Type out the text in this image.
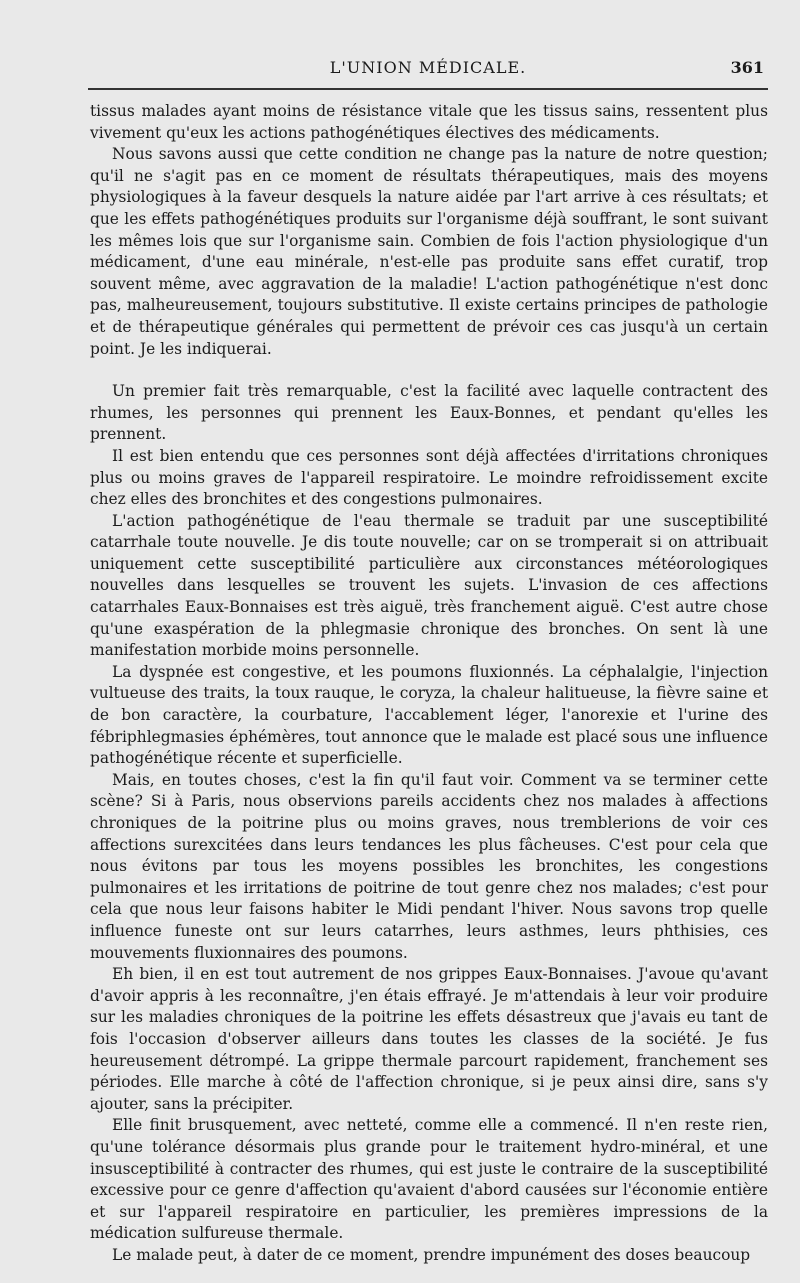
L'UNION MÉDICALE.	361

tissus malades ayant moins de résistance vitale que les tissus sains, ressentent plus vivement qu'eux les actions pathogénétiques électives des médicaments.

Nous savons aussi que cette condition ne change pas la nature de notre question; qu'il ne s'agit pas en ce moment de résultats thérapeutiques, mais des moyens physiologiques à la faveur desquels la nature aidée par l'art arrive à ces résultats; et que les effets pathogénétiques produits sur l'organisme déjà souffrant, le sont suivant les mêmes lois que sur l'organisme sain. Combien de fois l'action physiologique d'un médicament, d'une eau minérale, n'est-elle pas produite sans effet curatif, trop souvent même, avec aggravation de la maladie! L'action pathogénétique n'est donc pas, malheureusement, toujours substitutive. Il existe certains principes de pathologie et de thérapeutique générales qui permettent de prévoir ces cas jusqu'à un certain point. Je les indiquerai.

Un premier fait très remarquable, c'est la facilité avec laquelle contractent des rhumes, les personnes qui prennent les Eaux-Bonnes, et pendant qu'elles les prennent.

Il est bien entendu que ces personnes sont déjà affectées d'irritations chroniques plus ou moins graves de l'appareil respiratoire. Le moindre refroidissement excite chez elles des bronchites et des congestions pulmonaires.

L'action pathogénétique de l'eau thermale se traduit par une susceptibilité catarrhale toute nouvelle. Je dis toute nouvelle; car on se tromperait si on attribuait uniquement cette susceptibilité particulière aux circonstances météorologiques nouvelles dans lesquelles se trouvent les sujets. L'invasion de ces affections catarrhales Eaux-Bonnaises est très aiguë, très franchement aiguë. C'est autre chose qu'une exaspération de la phlegmasie chronique des bronches. On sent là une manifestation morbide moins personnelle.

La dyspnée est congestive, et les poumons fluxionnés. La céphalalgie, l'injection vultueuse des traits, la toux rauque, le coryza, la chaleur halitueuse, la fièvre saine et de bon caractère, la courbature, l'accablement léger, l'anorexie et l'urine des fébriphlegmasies éphémères, tout annonce que le malade est placé sous une influence pathogénétique récente et superficielle.

Mais, en toutes choses, c'est la fin qu'il faut voir. Comment va se terminer cette scène? Si à Paris, nous observions pareils accidents chez nos malades à affections chroniques de la poitrine plus ou moins graves, nous tremblerions de voir ces affections surexcitées dans leurs tendances les plus fâcheuses. C'est pour cela que nous évitons par tous les moyens possibles les bronchites, les congestions pulmonaires et les irritations de poitrine de tout genre chez nos malades; c'est pour cela que nous leur faisons habiter le Midi pendant l'hiver. Nous savons trop quelle influence funeste ont sur leurs catarrhes, leurs asthmes, leurs phthisies, ces mouvements fluxionnaires des poumons.

Eh bien, il en est tout autrement de nos grippes Eaux-Bonnaises. J'avoue qu'avant d'avoir appris à les reconnaître, j'en étais effrayé. Je m'attendais à leur voir produire sur les maladies chroniques de la poitrine les effets désastreux que j'avais eu tant de fois l'occasion d'observer ailleurs dans toutes les classes de la société. Je fus heureusement détrompé. La grippe thermale parcourt rapidement, franchement ses périodes. Elle marche à côté de l'affection chronique, si je peux ainsi dire, sans s'y ajouter, sans la précipiter.

Elle finit brusquement, avec netteté, comme elle a commencé. Il n'en reste rien, qu'une tolérance désormais plus grande pour le traitement hydro-minéral, et une insusceptibilité à contracter des rhumes, qui est juste le contraire de la susceptibilité excessive pour ce genre d'affection qu'avaient d'abord causées sur l'économie entière et sur l'appareil respiratoire en particulier, les premières impressions de la médication sulfureuse thermale.

Le malade peut, à dater de ce moment, prendre impunément des doses beaucoup
